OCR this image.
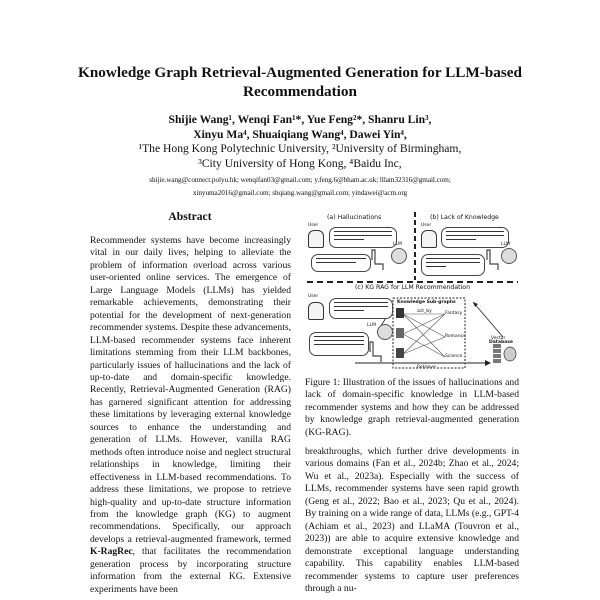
Knowledge Graph Retrieval-Augmented Generation for LLM-based Recommendation
Shijie Wang¹, Wenqi Fan¹*, Yue Feng²*, Shanru Lin³,
Xinyu Ma⁴, Shuaiqiang Wang⁴, Dawei Yin⁴,
¹The Hong Kong Polytechnic University, ²University of Birmingham,
³City University of Hong Kong, ⁴Baidu Inc,
shijie.wang@connect.polyu.hk; wenqifan03@gmail.com; y.feng.6@bham.ac.uk; lllam32316@gmail.com;
xinyuma2016@gmail.com; shqiang.wang@gmail.com; yindawei@acm.org
Abstract
Recommender systems have become increasingly vital in our daily lives, helping to alleviate the problem of information overload across various user-oriented online services. The emergence of Large Language Models (LLMs) has yielded remarkable achievements, demonstrating their potential for the development of next-generation recommender systems. Despite these advancements, LLM-based recommender systems face inherent limitations stemming from their LLM backbones, particularly issues of hallucinations and the lack of up-to-date and domain-specific knowledge. Recently, Retrieval-Augmented Generation (RAG) has garnered significant attention for addressing these limitations by leveraging external knowledge sources to enhance the understanding and generation of LLMs. However, vanilla RAG methods often introduce noise and neglect structural relationships in knowledge, limiting their effectiveness in LLM-based recommendations. To address these limitations, we propose to retrieve high-quality and up-to-date structure information from the knowledge graph (KG) to augment recommendations. Specifically, our approach develops a retrieval-augmented framework, termed K-RagRec, that facilitates the recommendation generation process by incorporating structure information from the external KG. Extensive experiments have been
(a) Hallucinations	(b) Lack of Knowledge
(c) KG RAG for LLM Recommendation
User	User
User
LLM	LLM
LLM
Knowledge Sub-graphs
Fantasy
Romance
Science
act_by
Vector
Database
Retrieve
Figure 1: Illustration of the issues of hallucinations and lack of domain-specific knowledge in LLM-based recommender systems and how they can be addressed by knowledge graph retrieval-augmented generation (KG-RAG).
breakthroughs, which further drive developments in various domains (Fan et al., 2024b; Zhao et al., 2024; Wu et al., 2023a). Especially with the success of LLMs, recommender systems have seen rapid growth (Geng et al., 2022; Bao et al., 2023; Qu et al., 2024). By training on a wide range of data, LLMs (e.g., GPT-4 (Achiam et al., 2023) and LLaMA (Touvron et al., 2023)) are able to acquire extensive knowledge and demonstrate exceptional language understanding capability. This capability enables LLM-based recommender systems to capture user preferences through a nu-
